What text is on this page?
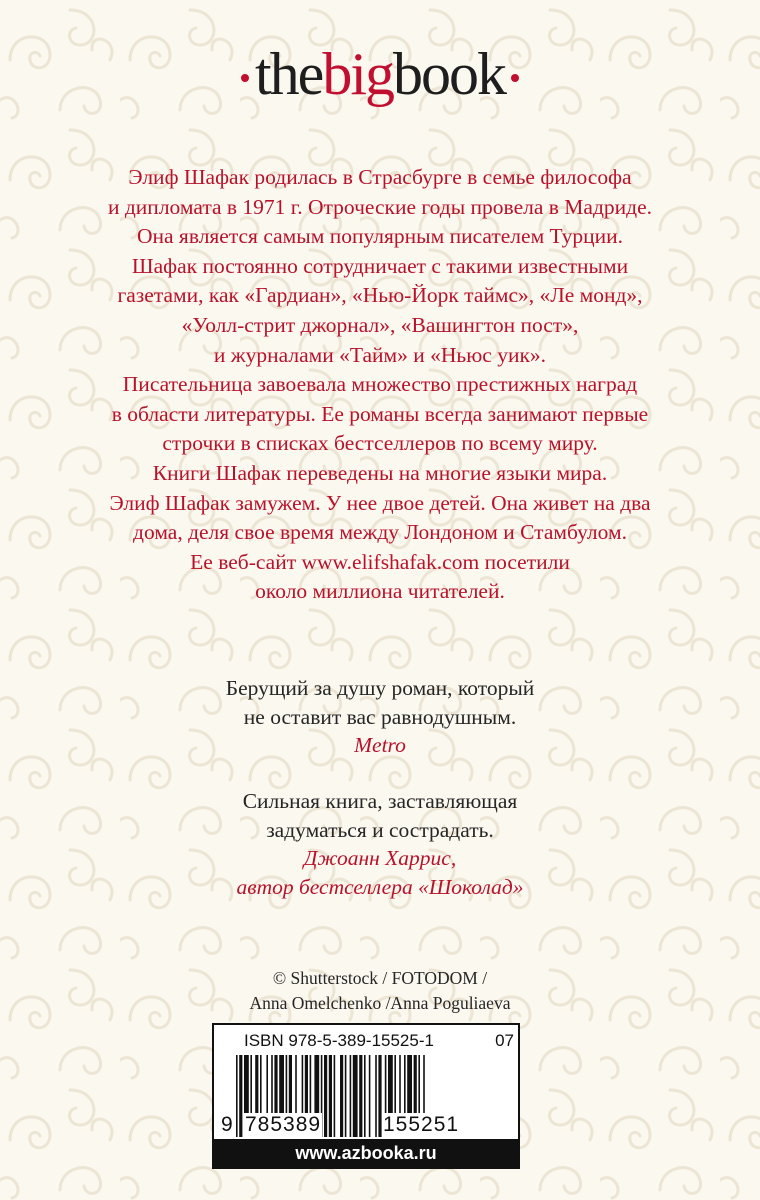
thebigbook
Элиф Шафак родилась в Страсбурге в семье философа
и дипломата в 1971 г. Отроческие годы провела в Мадриде.
Она является самым популярным писателем Турции.
Шафак постоянно сотрудничает с такими известными
газетами, как «Гардиан», «Нью-Йорк таймс», «Ле монд»,
«Уолл-стрит джорнал», «Вашингтон пост»,
и журналами «Тайм» и «Ньюс уик».
Писательница завоевала множество престижных наград
в области литературы. Ее романы всегда занимают первые
строчки в списках бестселлеров по всему миру.
Книги Шафак переведены на многие языки мира.
Элиф Шафак замужем. У нее двое детей. Она живет на два
дома, деля свое время между Лондоном и Стамбулом.
Ее веб-сайт www.elifshafak.com посетили
около миллиона читателей.
Берущий за душу роман, который
не оставит вас равнодушным.
Metro
Сильная книга, заставляющая
задуматься и сострадать.
Джоанн Харрис,
автор бестселлера «Шоколад»
© Shutterstock / FOTODOM /
Anna Omelchenko /Anna Poguliaeva
ISBN 978-5-389-15525-1	07
9 785389	155251
www.azbooka.ru
